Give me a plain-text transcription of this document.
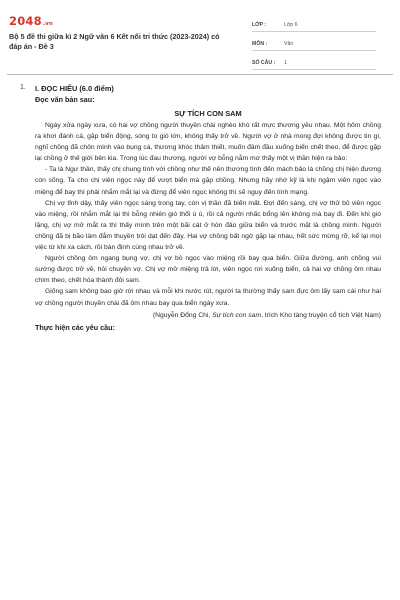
2048.vn
Bộ 5 đề thi giữa kì 2 Ngữ văn 6 Kết nối tri thức (2023-2024) có đáp án - Đề 3
LỚP :	Lớp 6
MÔN :	Văn
SỐ CÂU :	1
1. I. ĐỌC HIỂU (6.0 điểm)
Đọc văn bản sau:
SỰ TÍCH CON SAM

Ngày xửa ngày xưa, có hai vợ chồng người thuyền chài nghèo khó rất mực thương yêu nhau. Một hôm chồng ra khơi đánh cá, gặp biển động, sóng to gió lớn, không thấy trở về. Người vợ ở nhà mong đợi không được tin gì, nghĩ chồng đã chôn mình vào bụng cá, thương khóc thảm thiết, muốn đâm đầu xuống biển chết theo, để được gặp lại chồng ở thế giới bên kia. Trong lúc đau thương, người vợ bỗng nằm mơ thấy một vị thần hiện ra bảo:

- Ta là Ngư thần, thấy chị chung tình với chồng như thế nên thương tình đến mách bảo là chồng chị hiện đương còn sống. Ta cho chị viên ngọc này để vượt biển mà gặp chồng. Nhưng hãy nhớ kỹ là khi ngậm viên ngọc vào miệng để bay thì phải nhắm mắt lại và đừng để viên ngọc không thì sẽ nguy đến tính mạng.

Chị vợ tỉnh dậy, thấy viên ngọc sáng trong tay, còn vị thần đã biến mất. Đợi đến sáng, chị vợ thử bỏ viên ngọc vào miệng, rồi nhắm mắt lại thì bỗng nhiên gió thổi ù ù, rồi cả người nhấc bổng lên không mà bay đi. Đến khi gió lặng, chị vợ mở mắt ra thì thấy mình trên một bãi cát ở hòn đảo giữa biển và trước mặt là chồng mình. Người chồng đã bị bão làm đắm thuyền trôi dạt đến đây. Hai vợ chồng bất ngờ gặp lại nhau, hết sức mừng rỡ, kể lại mọi việc từ khi xa cách, rồi bàn định cùng nhau trở về.

Người chồng ôm ngang bụng vợ, chị vợ bỏ ngọc vào miệng rồi bay qua biển. Giữa đường, anh chồng vui sướng được trở về, hỏi chuyện vợ. Chị vợ mở miệng trả lời, viên ngọc rơi xuống biển, cả hai vợ chồng ôm nhau chìm theo, chết hóa thành đôi sam.

Giống sam không bao giờ rời nhau và mỗi khi nước rút, người ta thường thấy sam đực ôm lấy sam cái như hai vợ chồng người thuyền chài đã ôm nhau bay qua biển ngày xưa.

(Nguyễn Đổng Chi, Sự tích con sam, trích Kho tàng truyện cổ tích Việt Nam)
Thực hiện các yêu cầu:
